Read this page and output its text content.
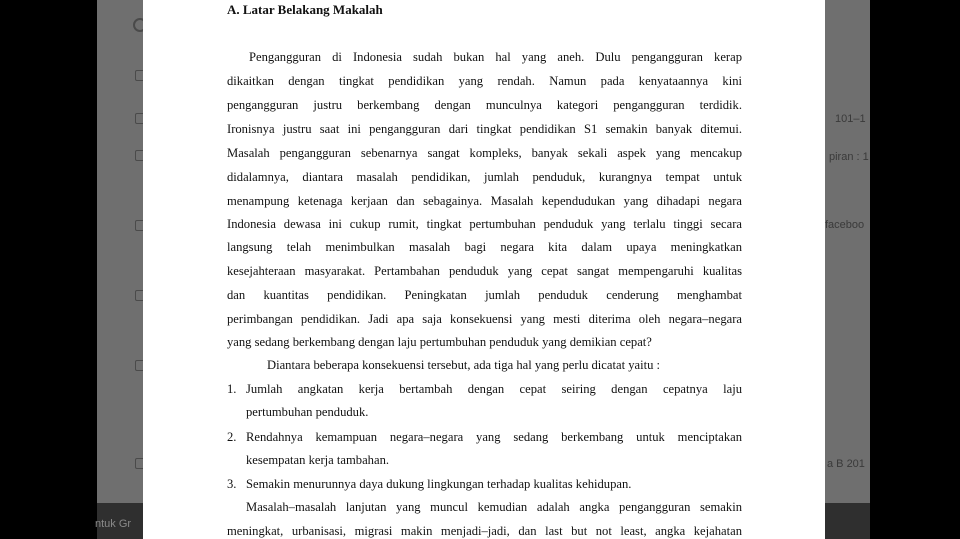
101–1
piran : 1
faceboo
a B 201
ntuk Gr
A. Latar Belakang Makalah
Pengangguran di Indonesia sudah bukan hal yang aneh. Dulu pengangguran kerap
dikaitkan dengan tingkat pendidikan yang rendah. Namun pada kenyataannya kini
pengangguran justru berkembang dengan munculnya kategori pengangguran terdidik.
Ironisnya justru saat ini pengangguran dari tingkat pendidikan S1 semakin banyak ditemui.
Masalah pengangguran sebenarnya sangat kompleks, banyak sekali aspek yang mencakup
didalamnya, diantara masalah pendidikan, jumlah penduduk, kurangnya tempat untuk
menampung ketenaga kerjaan dan sebagainya. Masalah kependudukan yang dihadapi negara
Indonesia dewasa ini cukup rumit, tingkat pertumbuhan penduduk yang terlalu tinggi secara
langsung telah menimbulkan masalah bagi negara kita dalam upaya meningkatkan
kesejahteraan masyarakat. Pertambahan penduduk yang cepat sangat mempengaruhi kualitas
dan kuantitas pendidikan. Peningkatan jumlah penduduk cenderung menghambat
perimbangan pendidikan. Jadi apa saja konsekuensi yang mesti diterima oleh negara–negara
yang sedang berkembang dengan laju pertumbuhan penduduk yang demikian cepat?
Diantara beberapa konsekuensi tersebut, ada tiga hal yang perlu dicatat yaitu :
1. Jumlah angkatan kerja bertambah dengan cepat seiring dengan cepatnya laju
pertumbuhan penduduk.
2. Rendahnya kemampuan negara–negara yang sedang berkembang untuk menciptakan
kesempatan kerja tambahan.
3. Semakin menurunnya daya dukung lingkungan terhadap kualitas kehidupan.
Masalah–masalah lanjutan yang muncul kemudian adalah angka pengangguran semakin
meningkat, urbanisasi, migrasi makin menjadi–jadi, dan last but not least, angka kejahatan
